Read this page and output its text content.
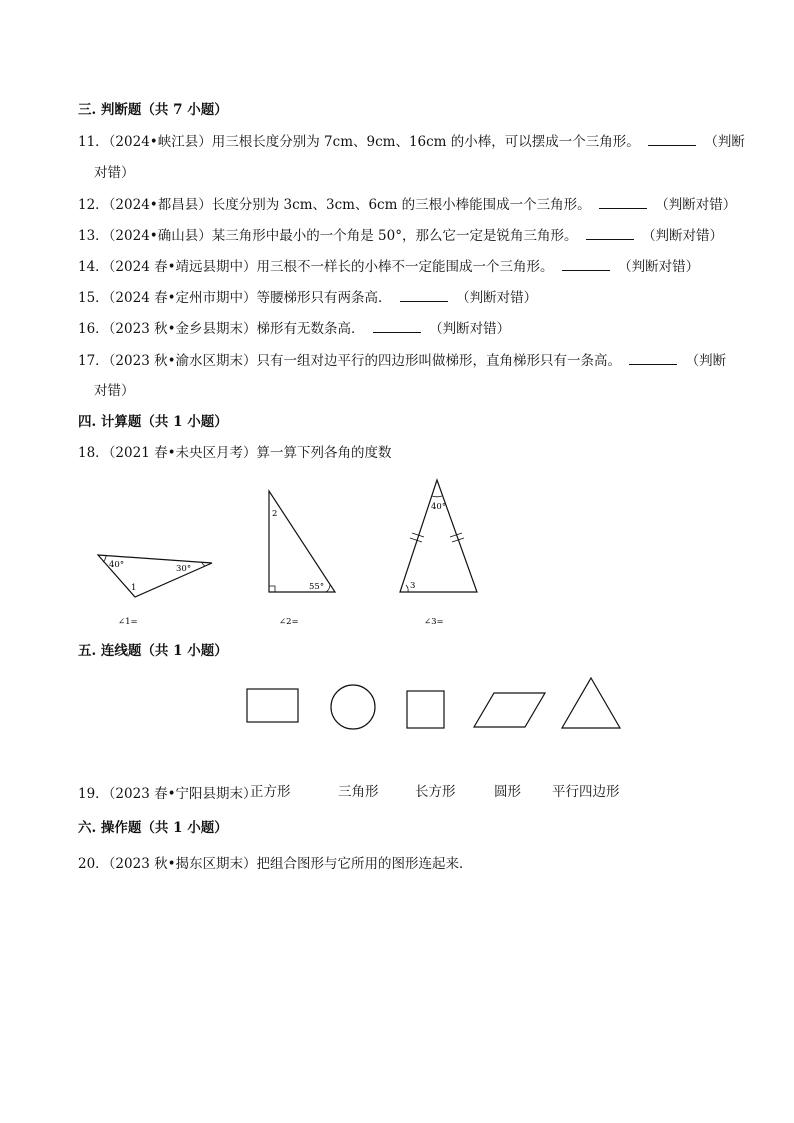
三. 判断题（共 7 小题）
11．（2024•峡江县）用三根长度分别为 7cm、9cm、16cm 的小棒，可以摆成一个三角形。	（判断
对错）
12．（2024•都昌县）长度分别为 3cm、3cm、6cm 的三根小棒能围成一个三角形。	（判断对错）
13．（2024•确山县）某三角形中最小的一个角是 50°，那么它一定是锐角三角形。	（判断对错）
14．（2024 春•靖远县期中）用三根不一样长的小棒不一定能围成一个三角形。	（判断对错）
15．（2024 春•定州市期中）等腰梯形只有两条高．	（判断对错）
16．（2023 秋•金乡县期末）梯形有无数条高．	（判断对错）
17．（2023 秋•渝水区期末）只有一组对边平行的四边形叫做梯形，直角梯形只有一条高。	（判断
对错）
四. 计算题（共 1 小题）
18．（2021 春•未央区月考）算一算下列各角的度数
40°	30°
1
∠1=
2
55°
∠2=
40°
3
∠3=
五. 连线题（共 1 小题）
19．（2023 春•宁阳县期末）
正方形	三角形	长方形	圆形 平行四边形
六. 操作题（共 1 小题）
20．（2023 秋•揭东区期末）把组合图形与它所用的图形连起来．
